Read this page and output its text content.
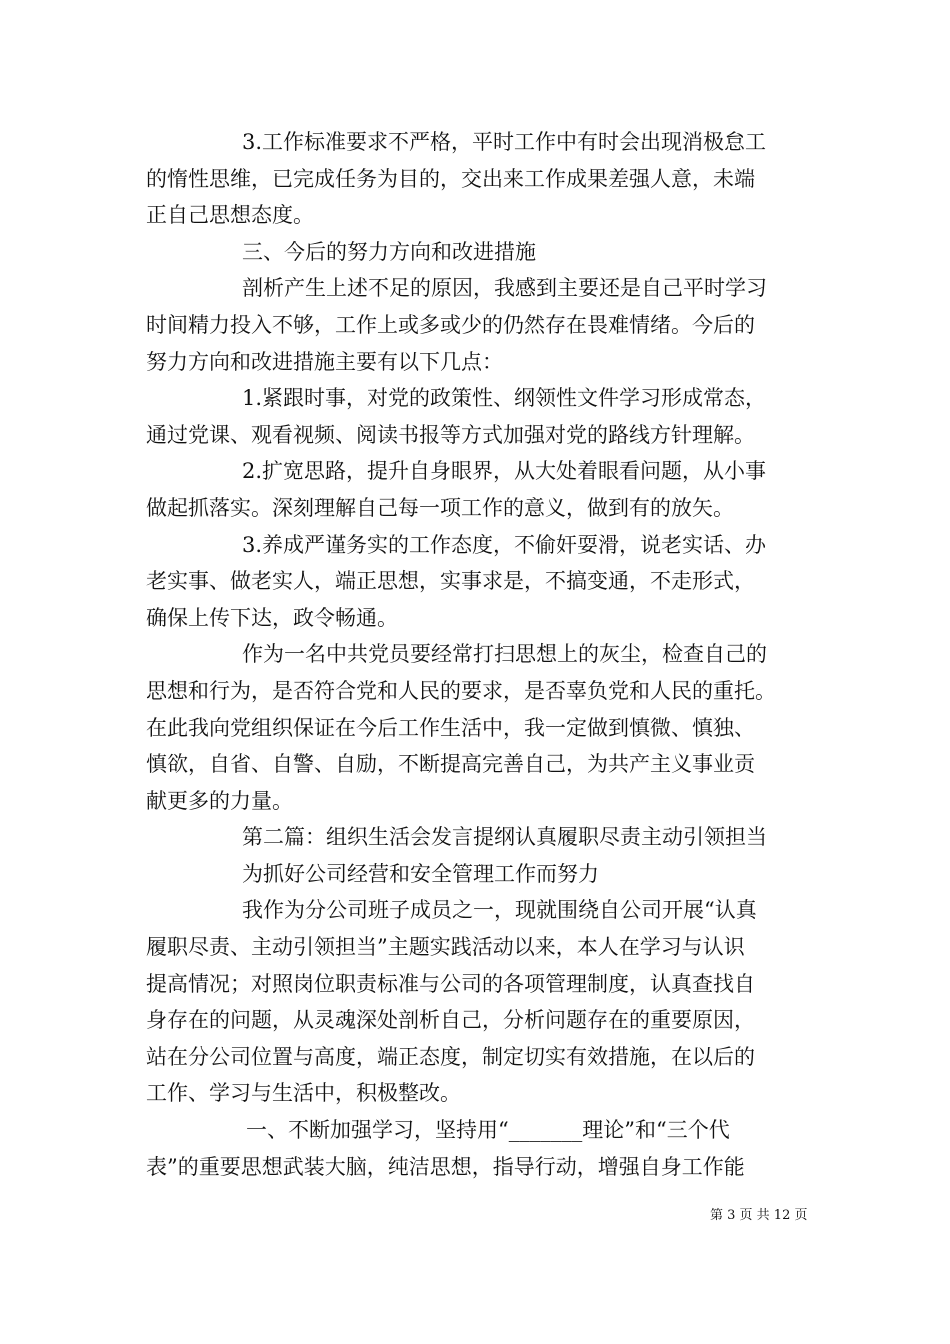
3.工作标准要求不严格，平时工作中有时会出现消极怠工
的惰性思维，已完成任务为目的，交出来工作成果差强人意，未端
正自己思想态度。
三、今后的努力方向和改进措施
剖析产生上述不足的原因，我感到主要还是自己平时学习
时间精力投入不够，工作上或多或少的仍然存在畏难情绪。今后的
努力方向和改进措施主要有以下几点：
1.紧跟时事，对党的政策性、纲领性文件学习形成常态，
通过党课、观看视频、阅读书报等方式加强对党的路线方针理解。
2.扩宽思路，提升自身眼界，从大处着眼看问题，从小事
做起抓落实。深刻理解自己每一项工作的意义，做到有的放矢。
3.养成严谨务实的工作态度，不偷奸耍滑，说老实话、办
老实事、做老实人，端正思想，实事求是，不搞变通，不走形式，
确保上传下达，政令畅通。
作为一名中共党员要经常打扫思想上的灰尘，检查自己的
思想和行为，是否符合党和人民的要求，是否辜负党和人民的重托。
在此我向党组织保证在今后工作生活中，我一定做到慎微、慎独、
慎欲，自省、自警、自励，不断提高完善自己，为共产主义事业贡
献更多的力量。
第二篇：组织生活会发言提纲认真履职尽责主动引领担当
为抓好公司经营和安全管理工作而努力
我作为分公司班子成员之一，现就围绕自公司开展“认真
履职尽责、主动引领担当”主题实践活动以来，本人在学习与认识
提高情况；对照岗位职责标准与公司的各项管理制度，认真查找自
身存在的问题，从灵魂深处剖析自己，分析问题存在的重要原因，
站在分公司位置与高度，端正态度，制定切实有效措施，在以后的
工作、学习与生活中，积极整改。
一、不断加强学习，坚持用“_______理论”和“三个代
表”的重要思想武装大脑，纯洁思想，指导行动，增强自身工作能
第 3 页 共 12 页
